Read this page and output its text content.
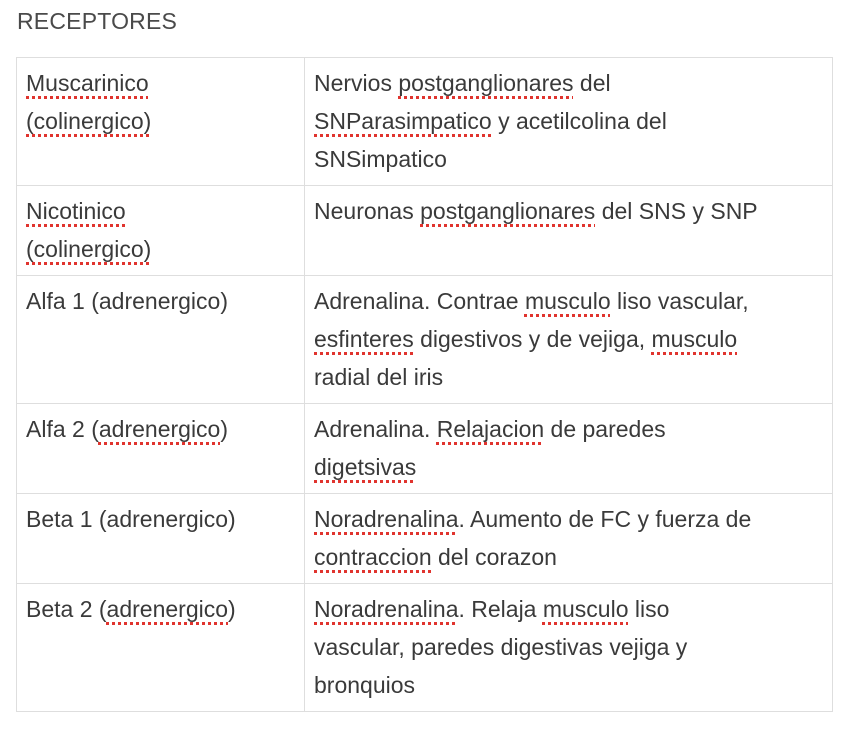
RECEPTORES
Muscarinico
(colinergico)	Nervios postganglionares del
SNParasimpatico y acetilcolina del
SNSimpatico
Nicotinico
(colinergico)	Neuronas postganglionares del SNS y SNP
Alfa 1 (adrenergico)	Adrenalina. Contrae musculo liso vascular,
esfinteres digestivos y de vejiga, musculo
radial del iris
Alfa 2 (adrenergico)	Adrenalina. Relajacion de paredes
digetsivas
Beta 1 (adrenergico)	Noradrenalina. Aumento de FC y fuerza de
contraccion del corazon
Beta 2 (adrenergico)	Noradrenalina. Relaja musculo liso
vascular, paredes digestivas vejiga y
bronquios
